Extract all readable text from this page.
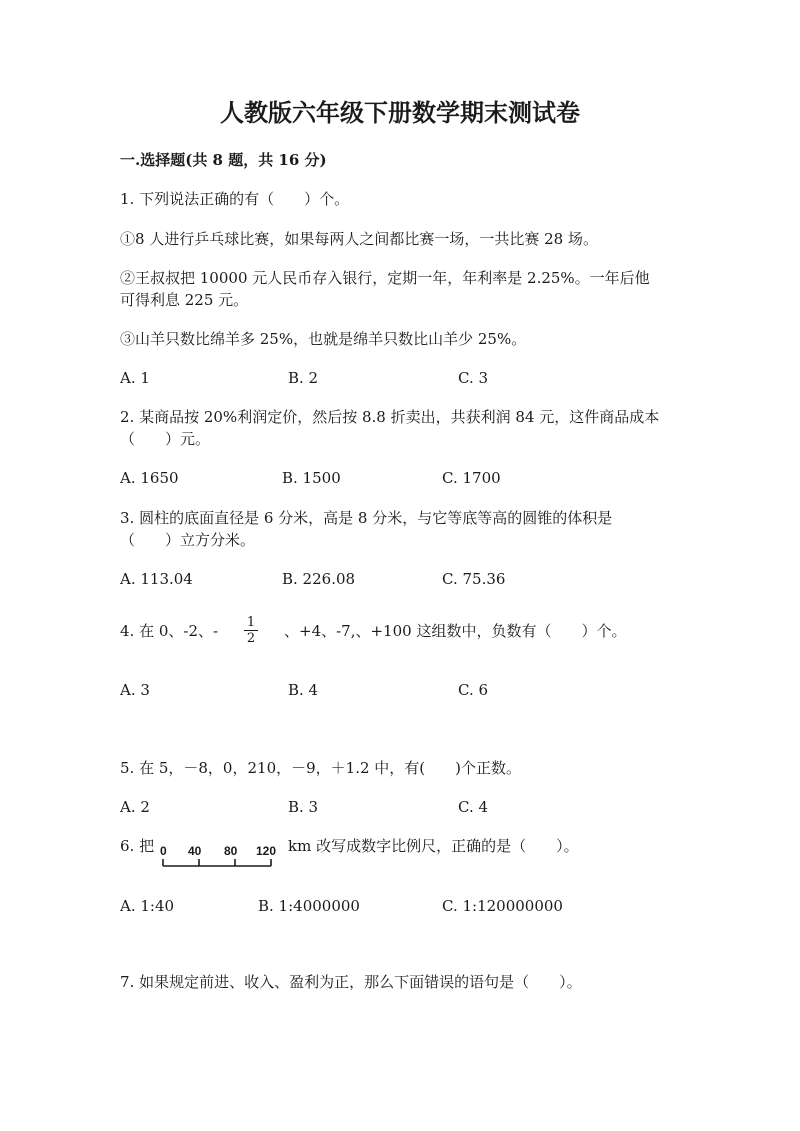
人教版六年级下册数学期末测试卷
一.选择题(共 8 题，共 16 分)
1. 下列说法正确的有（　　）个。
①8 人进行乒乓球比赛，如果每两人之间都比赛一场，一共比赛 28 场。
②王叔叔把 10000 元人民币存入银行，定期一年，年利率是 2.25%。一年后他
可得利息 225 元。
③山羊只数比绵羊多 25%，也就是绵羊只数比山羊少 25%。
A. 1	B. 2	C. 3
2. 某商品按 20%利润定价，然后按 8.8 折卖出，共获利润 84 元，这件商品成本
（　　）元。
A. 1650	B. 1500	C. 1700
3. 圆柱的底面直径是 6 分米，高是 8 分米，与它等底等高的圆锥的体积是
（　　）立方分米。
A. 113.04	B. 226.08	C. 75.36
4. 在 0、-2、- $\frac{1}{2}$ 、+4、-7,、+100 这组数中，负数有（　　）个。
A. 3	B. 4	C. 6
5. 在 5，－8，0，210，－9，＋1.2 中，有(　　)个正数。
A. 2	B. 3	C. 4
6. 把 0 40 80 120 km 改写成数字比例尺，正确的是（　　）。
A. 1:40	B. 1:4000000	C. 1:120000000
7. 如果规定前进、收入、盈利为正，那么下面错误的语句是（　　）。
